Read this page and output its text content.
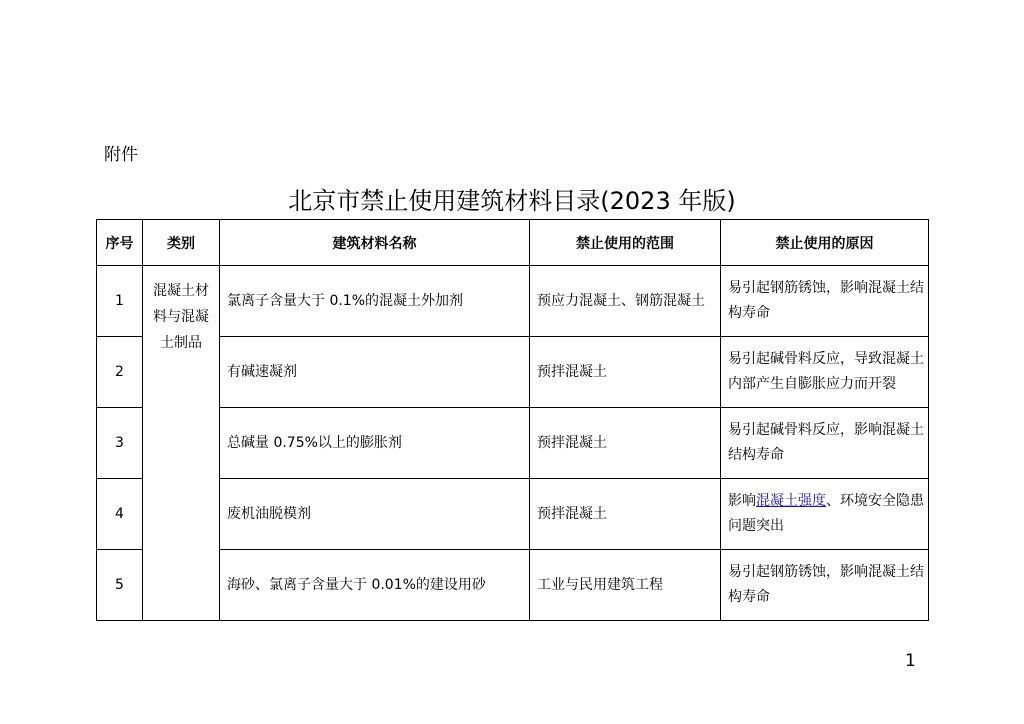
附件
北京市禁止使用建筑材料目录(2023 年版)
序号	类别	建筑材料名称	禁止使用的范围	禁止使用的原因
1	混凝土材料与混凝土制品	氯离子含量大于 0.1%的混凝土外加剂	预应力混凝土、钢筋混凝土	易引起钢筋锈蚀，影响混凝土结构寿命
2		有碱速凝剂	预拌混凝土	易引起碱骨料反应，导致混凝土内部产生自膨胀应力而开裂
3		总碱量 0.75%以上的膨胀剂	预拌混凝土	易引起碱骨料反应，影响混凝土结构寿命
4		废机油脱模剂	预拌混凝土	影响混凝土强度、环境安全隐患问题突出
5		海砂、氯离子含量大于 0.01%的建设用砂	工业与民用建筑工程	易引起钢筋锈蚀，影响混凝土结构寿命
1
